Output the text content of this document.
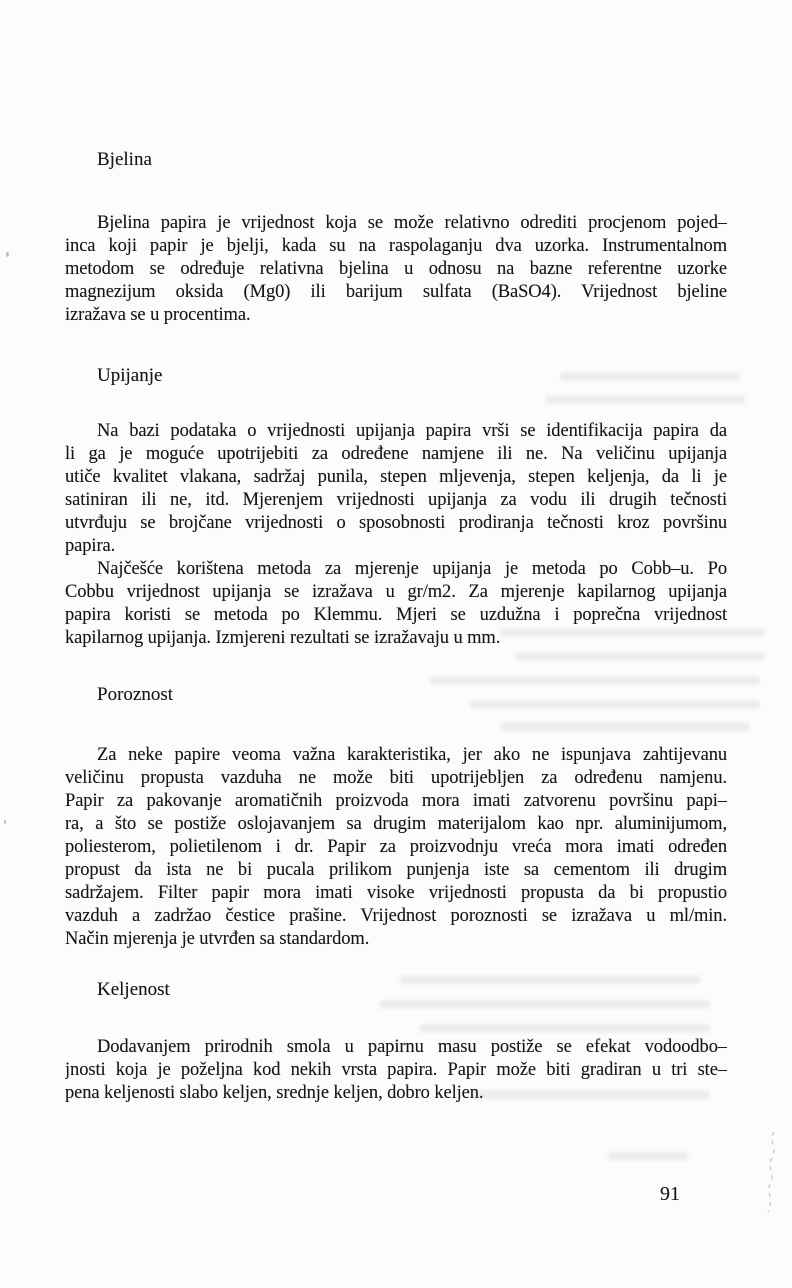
Bjelina
Bjelina papira je vrijednost koja se može relativno odrediti procjenom pojed–
inca koji papir je bjelji, kada su na raspolaganju dva uzorka. Instrumentalnom
metodom se određuje relativna bjelina u odnosu na bazne referentne uzorke
magnezijum oksida (Mg0) ili barijum sulfata (BaSO4). Vrijednost bjeline
izražava se u procentima.
Upijanje
Na bazi podataka o vrijednosti upijanja papira vrši se identifikacija papira da
li ga je moguće upotrijebiti za određene namjene ili ne. Na veličinu upijanja
utiče kvalitet vlakana, sadržaj punila, stepen mljevenja, stepen keljenja, da li je
satiniran ili ne, itd. Mjerenjem vrijednosti upijanja za vodu ili drugih tečnosti
utvrđuju se brojčane vrijednosti o sposobnosti prodiranja tečnosti kroz površinu
papira.
Najčešće korištena metoda za mjerenje upijanja je metoda po Cobb–u. Po
Cobbu vrijednost upijanja se izražava u gr/m2. Za mjerenje kapilarnog upijanja
papira koristi se metoda po Klemmu. Mjeri se uzdužna i poprečna vrijednost
kapilarnog upijanja. Izmjereni rezultati se izražavaju u mm.
Poroznost
Za neke papire veoma važna karakteristika, jer ako ne ispunjava zahtijevanu
veličinu propusta vazduha ne može biti upotrijebljen za određenu namjenu.
Papir za pakovanje aromatičnih proizvoda mora imati zatvorenu površinu papi–
ra, a što se postiže oslojavanjem sa drugim materijalom kao npr. aluminijumom,
poliesterom, polietilenom i dr. Papir za proizvodnju vreća mora imati određen
propust da ista ne bi pucala prilikom punjenja iste sa cementom ili drugim
sadržajem. Filter papir mora imati visoke vrijednosti propusta da bi propustio
vazduh a zadržao čestice prašine. Vrijednost poroznosti se izražava u ml/min.
Način mjerenja je utvrđen sa standardom.
Keljenost
Dodavanjem prirodnih smola u papirnu masu postiže se efekat vodoodbo–
jnosti koja je poželjna kod nekih vrsta papira. Papir može biti gradiran u tri ste–
pena keljenosti slabo keljen, srednje keljen, dobro keljen.
91
